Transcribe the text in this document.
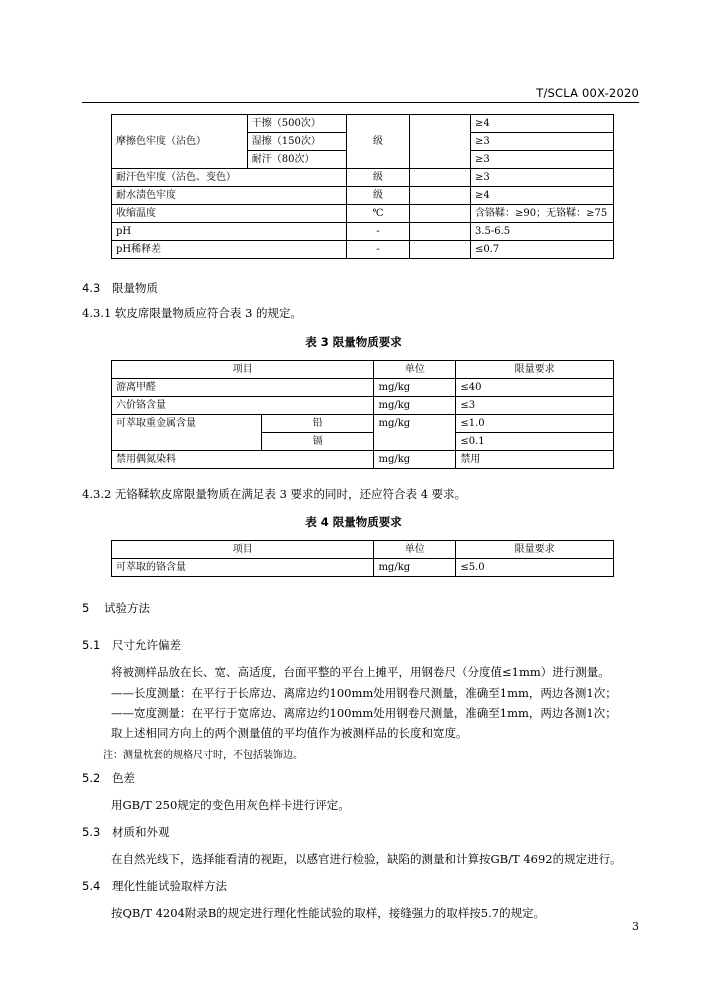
T/SCLA 00X-2020
摩擦色牢度（沾色）	干擦（500次）	级		≥4
	湿擦（150次）			≥3
	耐汗（80次）			≥3
耐汗色牢度（沾色、变色）		级		≥3
耐水渍色牢度		级		≥4
收缩温度		℃		含铬鞣：≥90；无铬鞣：≥75
pH		-		3.5-6.5
pH稀释差		-		≤0.7
4.3 限量物质
4.3.1 软皮席限量物质应符合表 3 的规定。
表 3 限量物质要求
项目		单位	限量要求
游离甲醛		mg/kg	≤40
六价铬含量		mg/kg	≤3
可萃取重金属含量	铅	mg/kg	≤1.0
	镉		≤0.1
禁用偶氮染料		mg/kg	禁用
4.3.2 无铬鞣软皮席限量物质在满足表 3 要求的同时，还应符合表 4 要求。
表 4 限量物质要求
项目	单位	限量要求
可萃取的铬含量	mg/kg	≤5.0
5 试验方法
5.1 尺寸允许偏差
将被测样品放在长、宽、高适度，台面平整的平台上摊平，用钢卷尺（分度值≤1mm）进行测量。
——长度测量：在平行于长席边、离席边约100mm处用钢卷尺测量，准确至1mm，两边各测1次；
——宽度测量：在平行于宽席边、离席边约100mm处用钢卷尺测量，准确至1mm，两边各测1次；
取上述相同方向上的两个测量值的平均值作为被测样品的长度和宽度。
注：测量枕套的规格尺寸时，不包括装饰边。
5.2 色差
用GB/T 250规定的变色用灰色样卡进行评定。
5.3 材质和外观
在自然光线下，选择能看清的视距，以感官进行检验，缺陷的测量和计算按GB/T 4692的规定进行。
5.4 理化性能试验取样方法
按QB/T 4204附录B的规定进行理化性能试验的取样，接缝强力的取样按5.7的规定。
3
